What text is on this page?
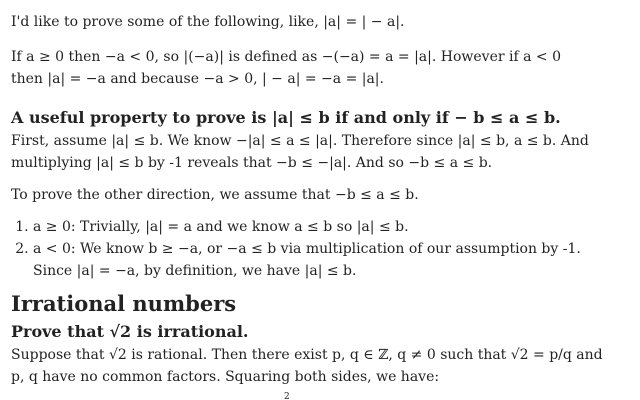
I'd like to prove some of the following, like, |a| = | − a|.

If a ≥ 0 then −a < 0, so |(−a)| is defined as −(−a) = a = |a|. However if a < 0
then |a| = −a and because −a > 0, | − a| = −a = |a|.

A useful property to prove is |a| ≤ b if and only if − b ≤ a ≤ b.

First, assume |a| ≤ b. We know −|a| ≤ a ≤ |a|. Therefore since |a| ≤ b, a ≤ b. And
multiplying |a| ≤ b by -1 reveals that −b ≤ −|a|. And so −b ≤ a ≤ b.

To prove the other direction, we assume that −b ≤ a ≤ b.

1. a ≥ 0: Trivially, |a| = a and we know a ≤ b so |a| ≤ b.
2. a < 0: We know b ≥ −a, or −a ≤ b via multiplication of our assumption by -1.
Since |a| = −a, by definition, we have |a| ≤ b.
Irrational numbers
Prove that √2 is irrational.

Suppose that √2 is rational. Then there exist p, q ∈ ℤ, q ≠ 0 such that √2 = p/q and
p, q have no common factors. Squaring both sides, we have:

2
